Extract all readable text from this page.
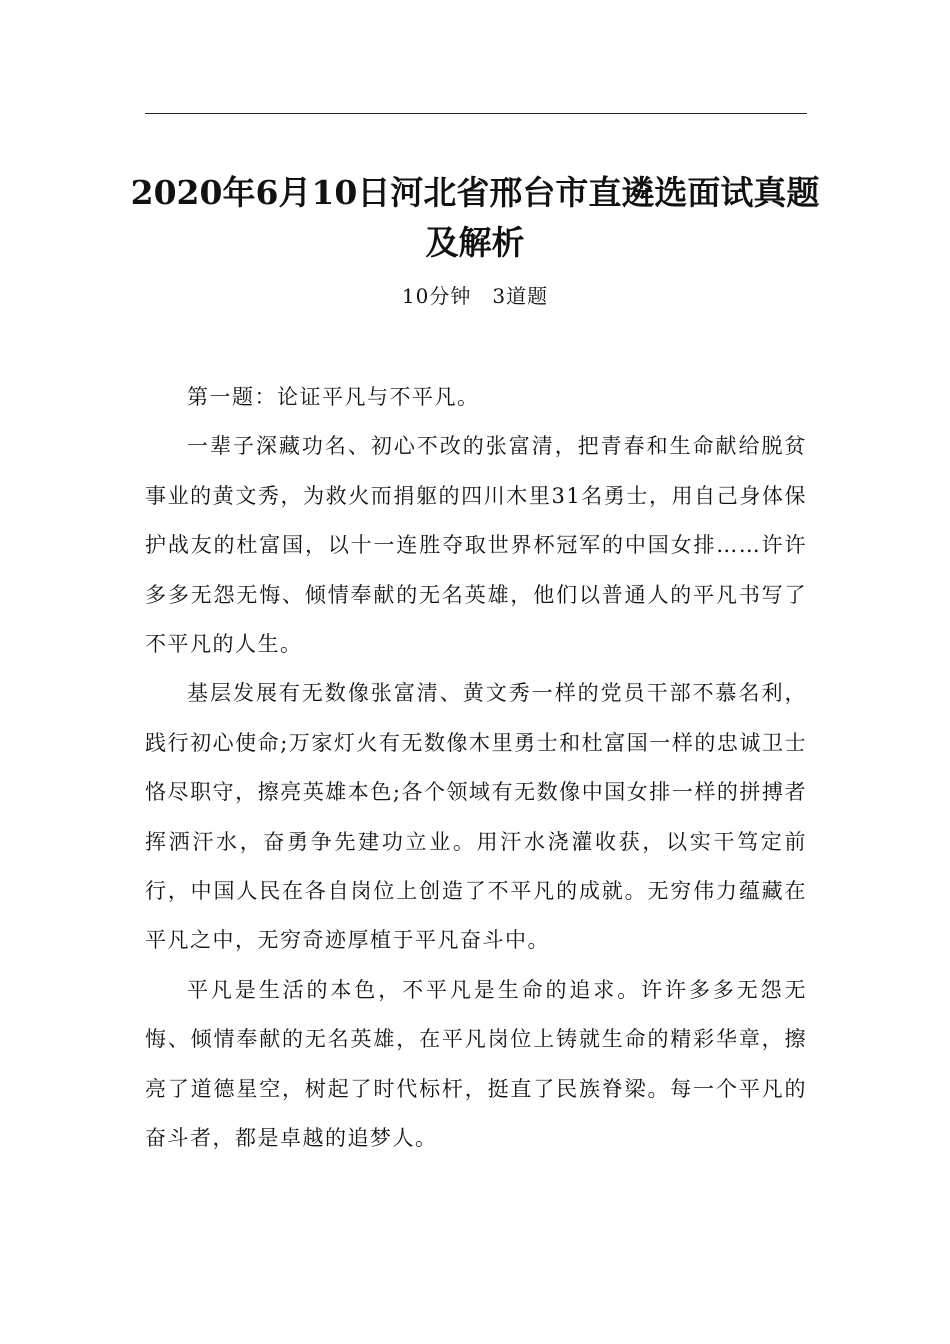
2020年6月10日河北省邢台市直遴选面试真题及解析
10分钟　3道题

第一题：论证平凡与不平凡。

一辈子深藏功名、初心不改的张富清，把青春和生命献给脱贫事业的黄文秀，为救火而捐躯的四川木里31名勇士，用自己身体保护战友的杜富国，以十一连胜夺取世界杯冠军的中国女排……许许多多无怨无悔、倾情奉献的无名英雄，他们以普通人的平凡书写了不平凡的人生。

基层发展有无数像张富清、黄文秀一样的党员干部不慕名利，践行初心使命;万家灯火有无数像木里勇士和杜富国一样的忠诚卫士恪尽职守，擦亮英雄本色;各个领域有无数像中国女排一样的拼搏者挥洒汗水，奋勇争先建功立业。用汗水浇灌收获，以实干笃定前行，中国人民在各自岗位上创造了不平凡的成就。无穷伟力蕴藏在平凡之中，无穷奇迹厚植于平凡奋斗中。

平凡是生活的本色，不平凡是生命的追求。许许多多无怨无悔、倾情奉献的无名英雄，在平凡岗位上铸就生命的精彩华章，擦亮了道德星空，树起了时代标杆，挺直了民族脊梁。每一个平凡的奋斗者，都是卓越的追梦人。
